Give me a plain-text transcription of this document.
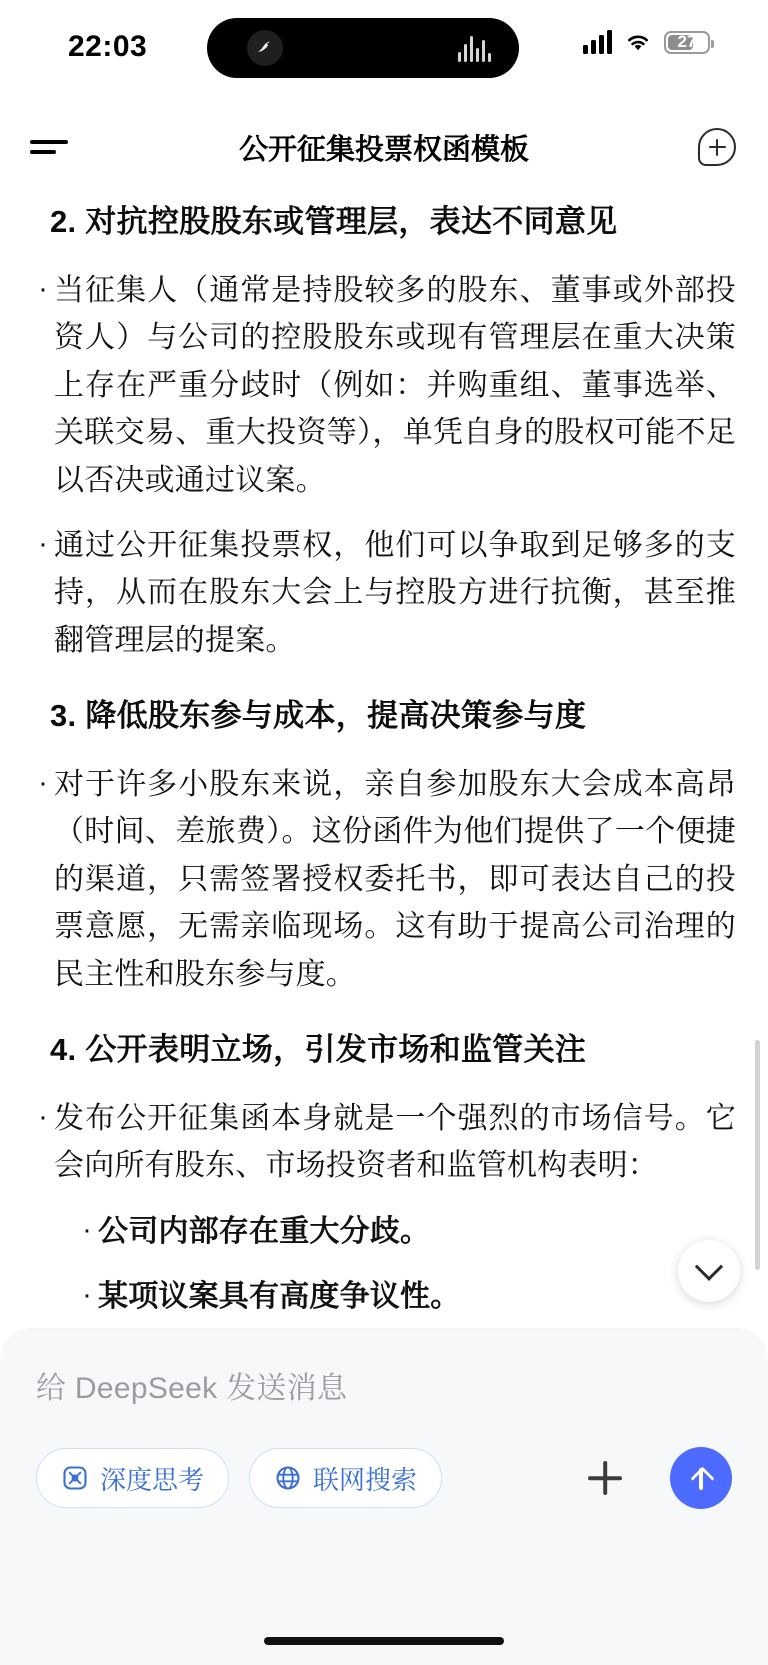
22:03	27
公开征集投票权函模板
2. 对抗控股股东或管理层，表达不同意见
· 当征集人（通常是持股较多的股东、董事或外部投资人）与公司的控股股东或现有管理层在重大决策上存在严重分歧时（例如：并购重组、董事选举、关联交易、重大投资等），单凭自身的股权可能不足以否决或通过议案。
· 通过公开征集投票权，他们可以争取到足够多的支持，从而在股东大会上与控股方进行抗衡，甚至推翻管理层的提案。
3. 降低股东参与成本，提高决策参与度
· 对于许多小股东来说，亲自参加股东大会成本高昂（时间、差旅费）。这份函件为他们提供了一个便捷的渠道，只需签署授权委托书，即可表达自己的投票意愿，无需亲临现场。这有助于提高公司治理的民主性和股东参与度。
4. 公开表明立场，引发市场和监管关注
· 发布公开征集函本身就是一个强烈的市场信号。它会向所有股东、市场投资者和监管机构表明：
· 公司内部存在重大分歧。
· 某项议案具有高度争议性。
给 DeepSeek 发送消息
深度思考	联网搜索
